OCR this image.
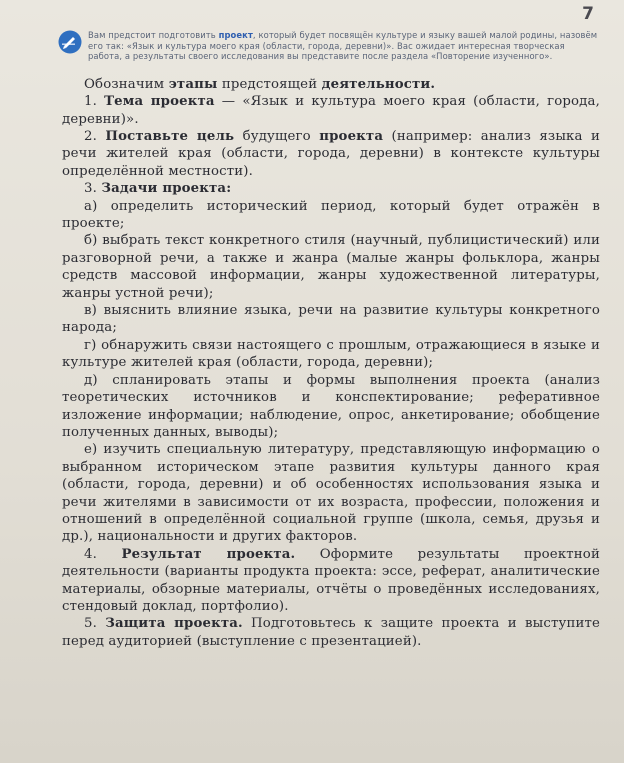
7
Вам предстоит подготовить проект, который будет посвящён культуре и языку вашей малой родины, назовём его так: «Язык и культура моего края (области, города, деревни)». Вас ожидает интересная творческая работа, а результаты своего исследования вы представите после раздела «Повторение изученного».

Обозначим этапы предстоящей деятельности.

1. Тема проекта — «Язык и культура моего края (области, города, деревни)».

2. Поставьте цель будущего проекта (например: анализ языка и речи жителей края (области, города, деревни) в контексте культуры определённой местности).

3. Задачи проекта:

а) определить исторический период, который будет отражён в проекте;

б) выбрать текст конкретного стиля (научный, публицистический) или разговорной речи, а также и жанра (малые жанры фольклора, жанры средств массовой информации, жанры художественной литературы, жанры устной речи);

в) выяснить влияние языка, речи на развитие культуры конкретного народа;

г) обнаружить связи настоящего с прошлым, отражающиеся в языке и культуре жителей края (области, города, деревни);

д) спланировать этапы и формы выполнения проекта (анализ теоретических источников и конспектирование; реферативное изложение информации; наблюдение, опрос, анкетирование; обобщение полученных данных, выводы);

е) изучить специальную литературу, представляющую информацию о выбранном историческом этапе развития культуры данного края (области, города, деревни) и об особенностях использования языка и речи жителями в зависимости от их возраста, профессии, положения и отношений в определённой социальной группе (школа, семья, друзья и др.), национальности и других факторов.

4. Результат проекта. Оформите результаты проектной деятельности (варианты продукта проекта: эссе, реферат, аналитические материалы, обзорные материалы, отчёты о проведённых исследованиях, стендовый доклад, портфолио).

5. Защита проекта. Подготовьтесь к защите проекта и выступите перед аудиторией (выступление с презентацией).
